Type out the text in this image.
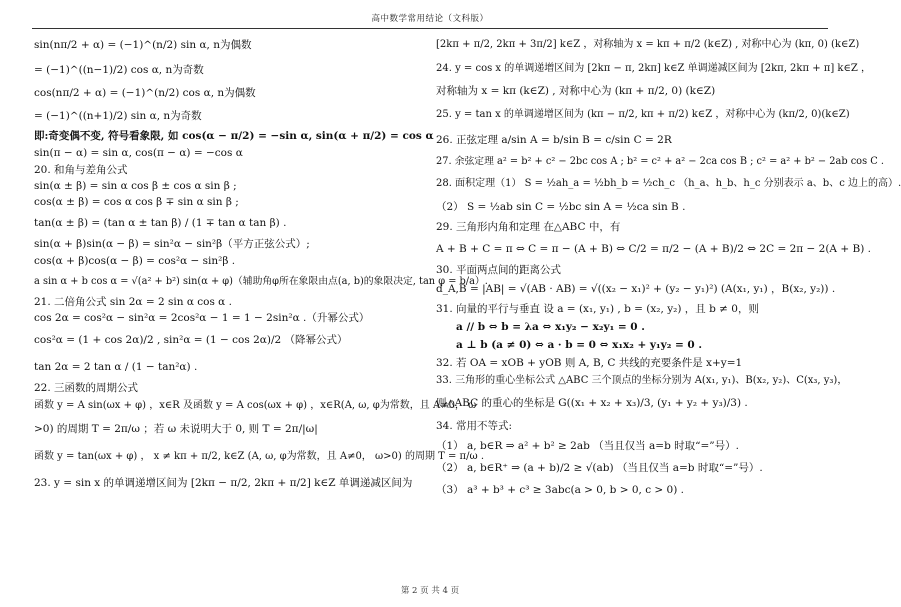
高中数学常用结论（文科版）
sin(nπ/2 + α) = (−1)^(n/2) sin α, n为偶数
= (−1)^((n−1)/2) cos α, n为奇数
cos(nπ/2 + α) = (−1)^(n/2) cos α, n为偶数
= (−1)^((n+1)/2) sin α, n为奇数
即:奇变偶不变, 符号看象限, 如 cos(α − π/2) = −sin α, sin(α + π/2) = cos α
sin(π − α) = sin α, cos(π − α) = −cos α
20. 和角与差角公式
sin(α ± β) = sin α cos β ± cos α sin β ;
cos(α ± β) = cos α cos β ∓ sin α sin β ;
tan(α ± β) = (tan α ± tan β) / (1 ∓ tan α tan β) .
sin(α + β)sin(α − β) = sin²α − sin²β（平方正弦公式）;
cos(α + β)cos(α − β) = cos²α − sin²β .
a sin α + b cos α = √(a² + b²) sin(α + φ)（辅助角φ所在象限由点(a, b)的象限决定, tan φ = b/a）.
21. 二倍角公式 sin 2α = 2 sin α cos α .
cos 2α = cos²α − sin²α = 2cos²α − 1 = 1 − 2sin²α .（升幂公式）
cos²α = (1 + cos 2α)/2 , sin²α = (1 − cos 2α)/2 （降幂公式）
tan 2α = 2 tan α / (1 − tan²α) .
22. 三函数的周期公式
函数 y = A sin(ωx + φ) ，x∈R 及函数 y = A cos(ωx + φ) ，x∈R(A, ω, φ为常数，且 A≠0， ω
>0) 的周期 T = 2π/ω ；若 ω 未说明大于 0, 则 T = 2π/|ω|
函数 y = tan(ωx + φ) ， x ≠ kπ + π/2, k∈Z (A, ω, φ为常数，且 A≠0， ω>0) 的周期 T = π/ω .
23. y = sin x 的单调递增区间为 [2kπ − π/2, 2kπ + π/2] k∈Z 单调递减区间为
[2kπ + π/2, 2kπ + 3π/2] k∈Z ，对称轴为 x = kπ + π/2 (k∈Z) , 对称中心为 (kπ, 0) (k∈Z)
24. y = cos x 的单调递增区间为 [2kπ − π, 2kπ] k∈Z 单调递减区间为 [2kπ, 2kπ + π] k∈Z ，
对称轴为 x = kπ (k∈Z) , 对称中心为 (kπ + π/2, 0) (k∈Z)
25. y = tan x 的单调递增区间为 (kπ − π/2, kπ + π/2) k∈Z ，对称中心为 (kπ/2, 0)(k∈Z)
26. 正弦定理 a/sin A = b/sin B = c/sin C = 2R
27. 余弦定理 a² = b² + c² − 2bc cos A ; b² = c² + a² − 2ca cos B ; c² = a² + b² − 2ab cos C .
28. 面积定理（1） S = ½ah_a = ½bh_b = ½ch_c （h_a、h_b、h_c 分别表示 a、b、c 边上的高）.
（2） S = ½ab sin C = ½bc sin A = ½ca sin B .
29. 三角形内角和定理 在△ABC 中，有
A + B + C = π ⇔ C = π − (A + B) ⇔ C/2 = π/2 − (A + B)/2 ⇔ 2C = 2π − 2(A + B) .
30. 平面两点间的距离公式
d_A,B = |AB| = √(AB · AB) = √((x₂ − x₁)² + (y₂ − y₁)²) (A(x₁, y₁) ，B(x₂, y₂)) .
31. 向量的平行与垂直 设 a = (x₁, y₁) , b = (x₂, y₂) ，且 b ≠ 0，则
a // b ⇔ b = λa ⇔ x₁y₂ − x₂y₁ = 0 .
a ⊥ b (a ≠ 0) ⇔ a · b = 0 ⇔ x₁x₂ + y₁y₂ = 0 .
32. 若 OA = xOB + yOB 则 A, B, C 共线的充要条件是 x+y=1
33. 三角形的重心坐标公式 △ABC 三个顶点的坐标分别为 A(x₁, y₁)、B(x₂, y₂)、C(x₃, y₃)，
则△ABC 的重心的坐标是 G((x₁ + x₂ + x₃)/3, (y₁ + y₂ + y₃)/3) .
34. 常用不等式:
（1） a, b∈R ⇒ a² + b² ≥ 2ab （当且仅当 a=b 时取“=”号）.
（2） a, b∈R⁺ ⇒ (a + b)/2 ≥ √(ab) （当且仅当 a=b 时取“=”号）.
（3） a³ + b³ + c³ ≥ 3abc(a > 0, b > 0, c > 0) .
第 2 页 共 4 页
